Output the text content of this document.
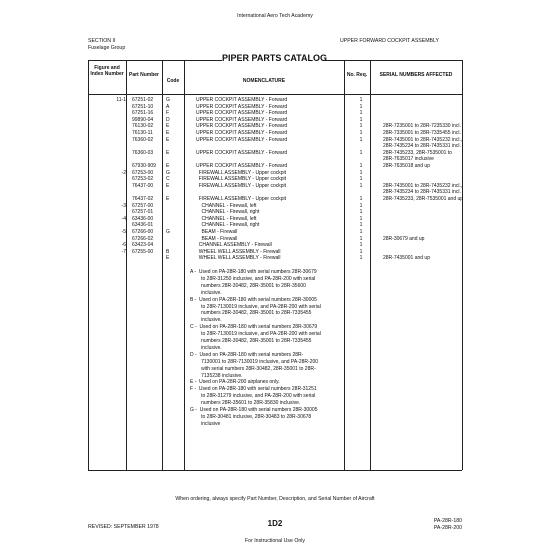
International Aero Tech Academy
SECTION II
Fuselage Group
UPPER FORWARD COCKPIT ASSEMBLY
PIPER PARTS CATALOG
Figure and Index Number Part Number
Code	NOMENCLATURE
No. Req.	SERIAL NUMBERS AFFECTED
11-1 67251-02	G	UPPER COCKPIT ASSEMBLY - Forward	1
67251-10	A	UPPER COCKPIT ASSEMBLY - Forward	1
67251-16	F	UPPER COCKPIT ASSEMBLY - Forward	1
99890-04	D	UPPER COCKPIT ASSEMBLY - Forward	1
76130-02	E	UPPER COCKPIT ASSEMBLY - Forward	1	28R-7235001 to 28R-7235330 incl.
76130-11	E	UPPER COCKPIT ASSEMBLY - Forward	1	28R-7335001 to 28R-7335455 incl.
76360-02	E	UPPER COCKPIT ASSEMBLY - Forward	1	28R-7435001 to 28R-7435232 incl.,
28R-7435234 to 28R-7435331 incl.
76360-03	E	UPPER COCKPIT ASSEMBLY - Forward	1	28R-7435233, 28R-7535001 to
28R-7635017 inclusive
67930-909 E	UPPER COCKPIT ASSEMBLY - Forward	1	28R-7635018 and up
-2 67253-00	G	FIREWALL ASSEMBLY - Upper cockpit	1
67253-02	C	FIREWALL ASSEMBLY - Upper cockpit	1
76437-00	E	FIREWALL ASSEMBLY - Upper cockpit	1	28R-7435001 to 28R-7435232 incl.,
28R-7435234 to 28R-7435331 incl.
76437-02	E	FIREWALL ASSEMBLY - Upper cockpit	1	28R-7435233, 28R-7535001 and up
-3 67257-00	CHANNEL - Firewall, left	1
67257-01	CHANNEL - Firewall, right	1
-4 63436-00	CHANNEL - Firewall, left	1
63436-01	CHANNEL - Firewall, right	1
-5 67266-00	G	BEAM - Firewall	1
67266-02	BEAM - Firewall	1	28R-30679 and up
-6 63423-04	CHANNEL ASSEMBLY - Firewall	1
-7 67255-00	B	WHEEL WELL ASSEMBLY - Firewall	1
E	WHEEL WELL ASSEMBLY - Firewall	1	28R-7435001 and up
A -  Used on PA-28R-180 with serial numbers 28R-30679
to 28R-31250 inclusive, and PA-28R-200 with serial
numbers 28R-30482, 28R-35001 to 28R-35600
inclusive.
B -  Used on PA-28R-180 with serial numbers 28R-30005
to 28R-7130019 inclusive, and PA-28R-200 with serial
numbers 28R-30482, 28R-35001 to 28R-7335455
inclusive.
C -  Used on PA-28R-180 with serial numbers 28R-30679
to 28R-7130019 inclusive, and PA-28R-200 with serial
numbers 28R-30482, 28R-35001 to 28R-7335455
inclusive.
D -  Used on PA-28R-180 with serial numbers 28R-
7130001 to 28R-7130019 inclusive, and PA-28R-200
with serial numbers 28R-30482, 28R-35001 to 28R-
7135238 inclusive.
E -  Used on PA-28R-200 airplanes only.
F -  Used on PA-28R-180 with serial numbers 28R-31251
to 28R-31279 inclusive, and PA-28R-200 with serial
numbers 28R-35601 to 28R-35830 inclusive.
G -  Used on PA-28R-180 with serial numbers 28R-30005
to 28R-30481 inclusive, 28R-30483 to 28R-30678
inclusive
When ordering, always specify Part Number, Description, and Serial Number of Aircraft
REVISED: SEPTEMBER 1978	1D2	PA-28R-180
PA-28R-200
For Instructional Use Only
